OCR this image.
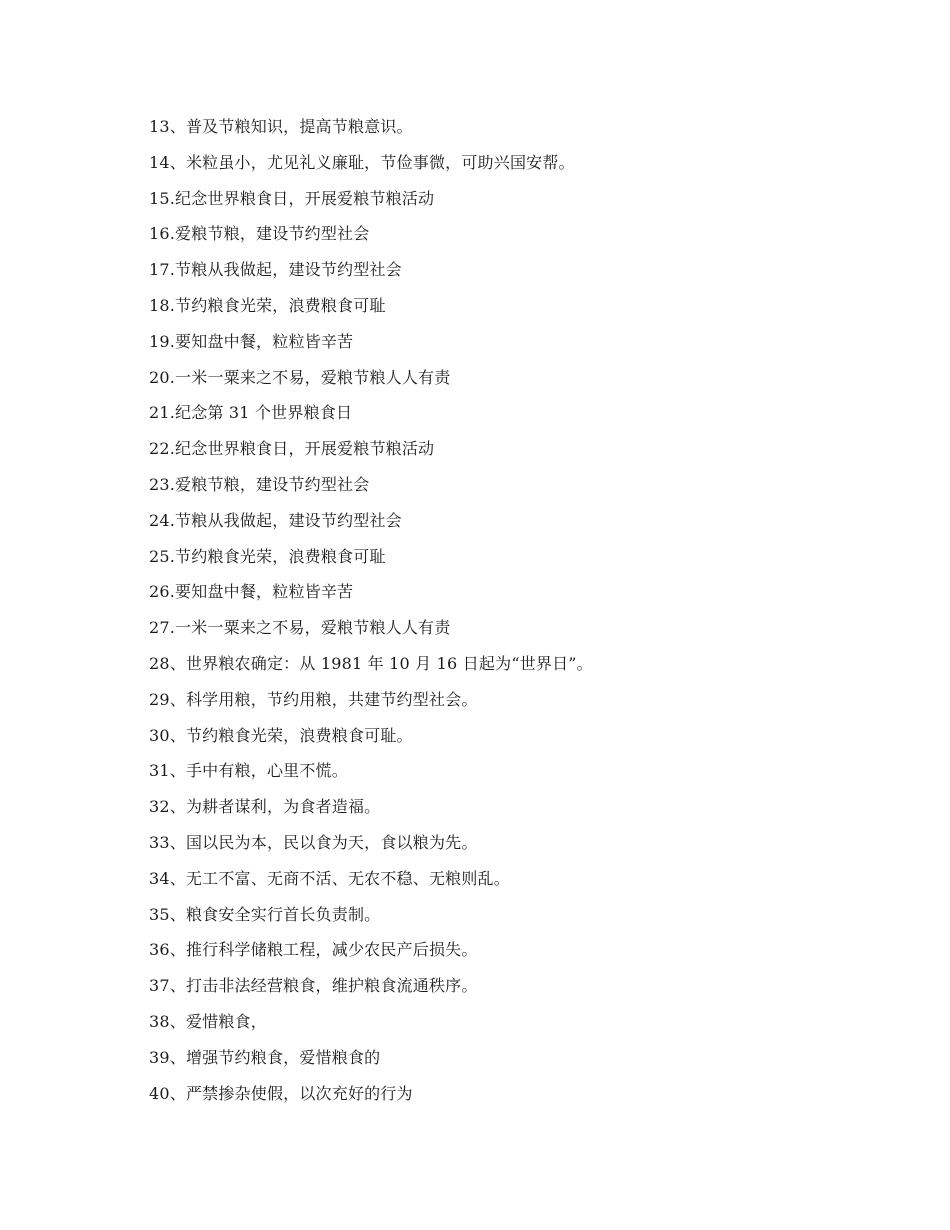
13、普及节粮知识，提高节粮意识。
14、米粒虽小，尤见礼义廉耻，节俭事微，可助兴国安帮。
15.纪念世界粮食日，开展爱粮节粮活动
16.爱粮节粮，建设节约型社会
17.节粮从我做起，建设节约型社会
18.节约粮食光荣，浪费粮食可耻
19.要知盘中餐，粒粒皆辛苦
20.一米一粟来之不易，爱粮节粮人人有责
21.纪念第 31 个世界粮食日
22.纪念世界粮食日，开展爱粮节粮活动
23.爱粮节粮，建设节约型社会
24.节粮从我做起，建设节约型社会
25.节约粮食光荣，浪费粮食可耻
26.要知盘中餐，粒粒皆辛苦
27.一米一粟来之不易，爱粮节粮人人有责
28、世界粮农确定：从 1981 年 10 月 16 日起为“世界日”。
29、科学用粮，节约用粮，共建节约型社会。
30、节约粮食光荣，浪费粮食可耻。
31、手中有粮，心里不慌。
32、为耕者谋利，为食者造福。
33、国以民为本，民以食为天，食以粮为先。
34、无工不富、无商不活、无农不稳、无粮则乱。
35、粮食安全实行首长负责制。
36、推行科学储粮工程，减少农民产后损失。
37、打击非法经营粮食，维护粮食流通秩序。
38、爱惜粮食，
39、增强节约粮食，爱惜粮食的
40、严禁掺杂使假，以次充好的行为
